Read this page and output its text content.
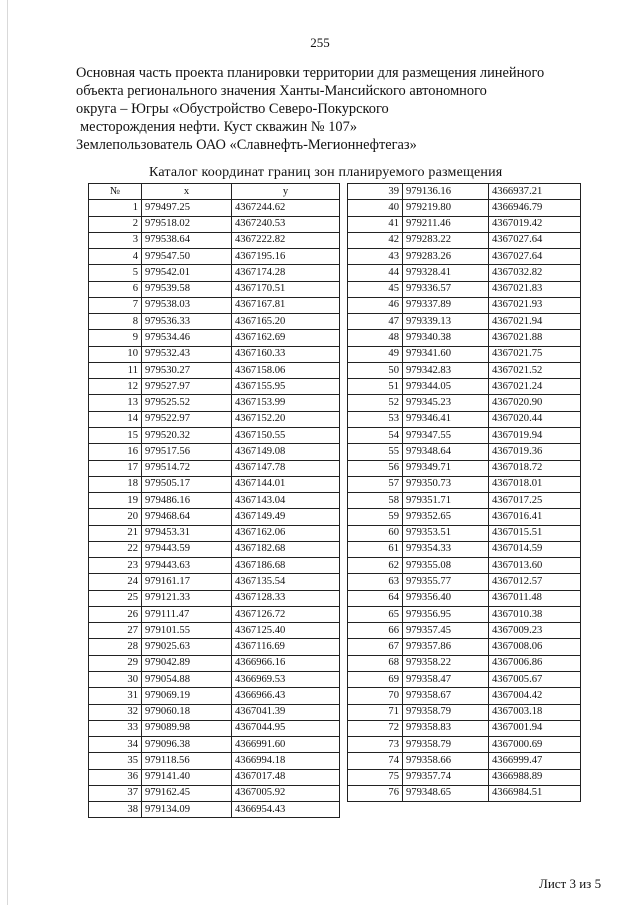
255
Основная часть проекта планировки территории для размещения линейного
объекта регионального значения Ханты-Мансийского автономного
округа – Югры «Обустройство Северо-Покурского
месторождения нефти. Куст скважин № 107»
Землепользователь ОАО «Славнефть-Мегионнефтегаз»
Каталог координат границ зон планируемого размещения
№	x	y
1	979497.25	4367244.62
2	979518.02	4367240.53
3	979538.64	4367222.82
4	979547.50	4367195.16
5	979542.01	4367174.28
6	979539.58	4367170.51
7	979538.03	4367167.81
8	979536.33	4367165.20
9	979534.46	4367162.69
10	979532.43	4367160.33
11	979530.27	4367158.06
12	979527.97	4367155.95
13	979525.52	4367153.99
14	979522.97	4367152.20
15	979520.32	4367150.55
16	979517.56	4367149.08
17	979514.72	4367147.78
18	979505.17	4367144.01
19	979486.16	4367143.04
20	979468.64	4367149.49
21	979453.31	4367162.06
22	979443.59	4367182.68
23	979443.63	4367186.68
24	979161.17	4367135.54
25	979121.33	4367128.33
26	979111.47	4367126.72
27	979101.55	4367125.40
28	979025.63	4367116.69
29	979042.89	4366966.16
30	979054.88	4366969.53
31	979069.19	4366966.43
32	979060.18	4367041.39
33	979089.98	4367044.95
34	979096.38	4366991.60
35	979118.56	4366994.18
36	979141.40	4367017.48
37	979162.45	4367005.92
38	979134.09	4366954.43
39	979136.16	4366937.21
40	979219.80	4366946.79
41	979211.46	4367019.42
42	979283.22	4367027.64
43	979283.26	4367027.64
44	979328.41	4367032.82
45	979336.57	4367021.83
46	979337.89	4367021.93
47	979339.13	4367021.94
48	979340.38	4367021.88
49	979341.60	4367021.75
50	979342.83	4367021.52
51	979344.05	4367021.24
52	979345.23	4367020.90
53	979346.41	4367020.44
54	979347.55	4367019.94
55	979348.64	4367019.36
56	979349.71	4367018.72
57	979350.73	4367018.01
58	979351.71	4367017.25
59	979352.65	4367016.41
60	979353.51	4367015.51
61	979354.33	4367014.59
62	979355.08	4367013.60
63	979355.77	4367012.57
64	979356.40	4367011.48
65	979356.95	4367010.38
66	979357.45	4367009.23
67	979357.86	4367008.06
68	979358.22	4367006.86
69	979358.47	4367005.67
70	979358.67	4367004.42
71	979358.79	4367003.18
72	979358.83	4367001.94
73	979358.79	4367000.69
74	979358.66	4366999.47
75	979357.74	4366988.89
76	979348.65	4366984.51
Лист 3 из 5
